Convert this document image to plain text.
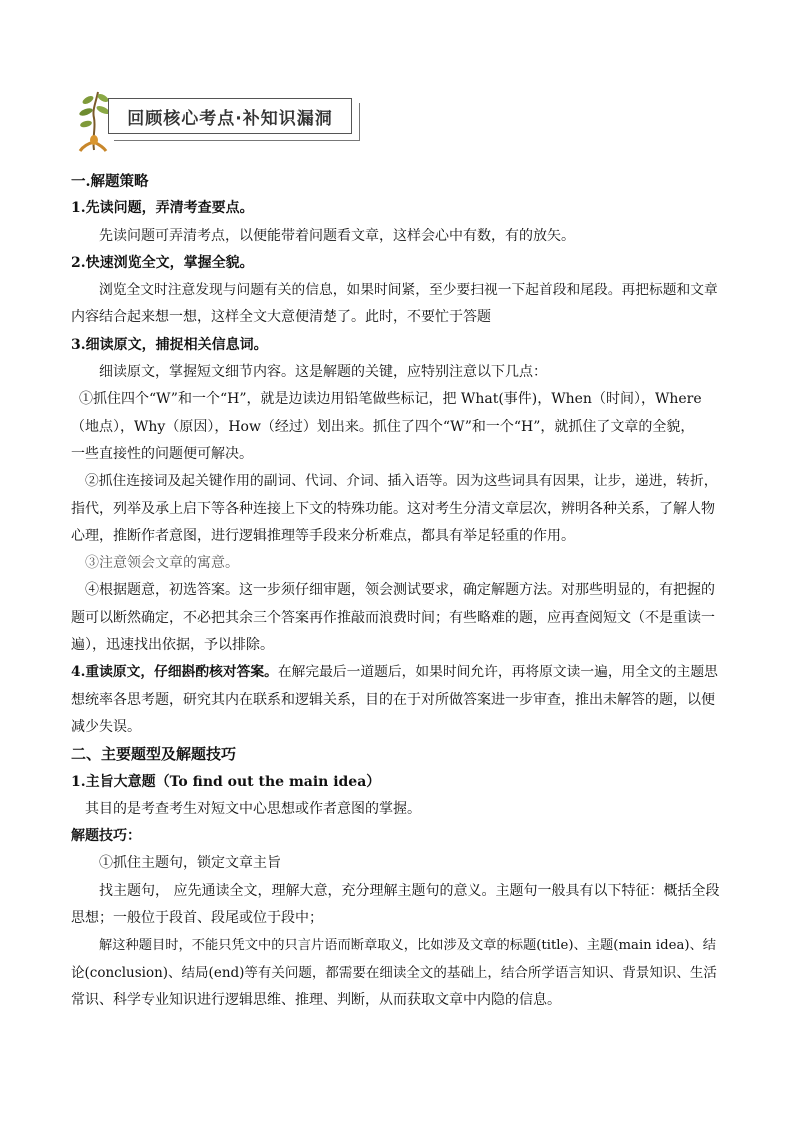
回顾核心考点·补知识漏洞
一.解题策略
1.先读问题，弄清考查要点。
先读问题可弄清考点，以便能带着问题看文章，这样会心中有数，有的放矢。
2.快速浏览全文，掌握全貌。
浏览全文时注意发现与问题有关的信息，如果时间紧，至少要扫视一下起首段和尾段。再把标题和文章
内容结合起来想一想，这样全文大意便清楚了。此时，不要忙于答题
3.细读原文，捕捉相关信息词。
细读原文，掌握短文细节内容。这是解题的关键，应特别注意以下几点：
①抓住四个“W”和一个“H”，就是边读边用铅笔做些标记，把 What(事件)，When（时间），Where
（地点），Why（原因），How（经过）划出来。抓住了四个“W”和一个“H”，就抓住了文章的全貌，
一些直接性的问题便可解决。
②抓住连接词及起关键作用的副词、代词、介词、插入语等。因为这些词具有因果，让步，递进，转折，
指代，列举及承上启下等各种连接上下文的特殊功能。这对考生分清文章层次，辨明各种关系，了解人物
心理，推断作者意图，进行逻辑推理等手段来分析难点，都具有举足轻重的作用。
③注意领会文章的寓意。
④根据题意，初选答案。这一步须仔细审题，领会测试要求，确定解题方法。对那些明显的，有把握的
题可以断然确定，不必把其余三个答案再作推敲而浪费时间；有些略难的题，应再查阅短文（不是重读一
遍），迅速找出依据，予以排除。
4.重读原文，仔细斟酌核对答案。在解完最后一道题后，如果时间允许，再将原文读一遍，用全文的主题思
想统率各思考题，研究其内在联系和逻辑关系，目的在于对所做答案进一步审查，推出未解答的题，以便
减少失误。
二、主要题型及解题技巧
1.主旨大意题（To find out the main idea）
其目的是考查考生对短文中心思想或作者意图的掌握。
解题技巧：
①抓住主题句，锁定文章主旨
找主题句， 应先通读全文，理解大意，充分理解主题句的意义。主题句一般具有以下特征：概括全段
思想；一般位于段首、段尾或位于段中；
解这种题目时，不能只凭文中的只言片语而断章取义，比如涉及文章的标题(title)、主题(main idea)、结
论(conclusion)、结局(end)等有关问题，都需要在细读全文的基础上，结合所学语言知识、背景知识、生活
常识、科学专业知识进行逻辑思维、推理、判断，从而获取文章中内隐的信息。
